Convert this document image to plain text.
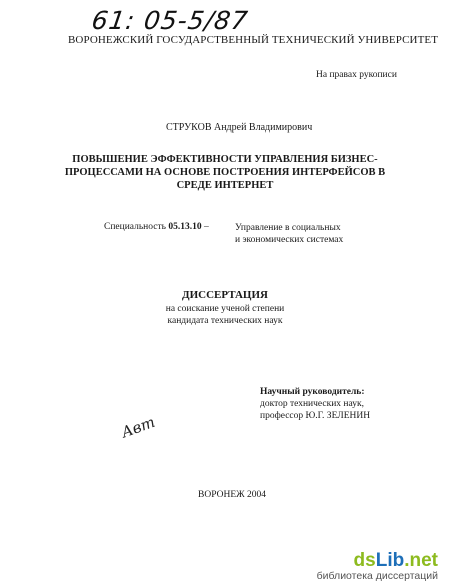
61: 05-5/87
ВОРОНЕЖСКИЙ ГОСУДАРСТВЕННЫЙ ТЕХНИЧЕСКИЙ УНИВЕРСИТЕТ
На правах рукописи
СТРУКОВ Андрей Владимирович
ПОВЫШЕНИЕ ЭФФЕКТИВНОСТИ УПРАВЛЕНИЯ БИЗНЕС-
ПРОЦЕССАМИ НА ОСНОВЕ ПОСТРОЕНИЯ ИНТЕРФЕЙСОВ В
СРЕДЕ ИНТЕРНЕТ
Специальность 05.13.10 –	Управление в социальных
и экономических системах
ДИССЕРТАЦИЯ
на соискание ученой степени
кандидата технических наук
Научный руководитель:
доктор технических наук,
профессор Ю.Г. ЗЕЛЕНИН
Авт
ВОРОНЕЖ 2004
dsLib.net
библиотека диссертаций
